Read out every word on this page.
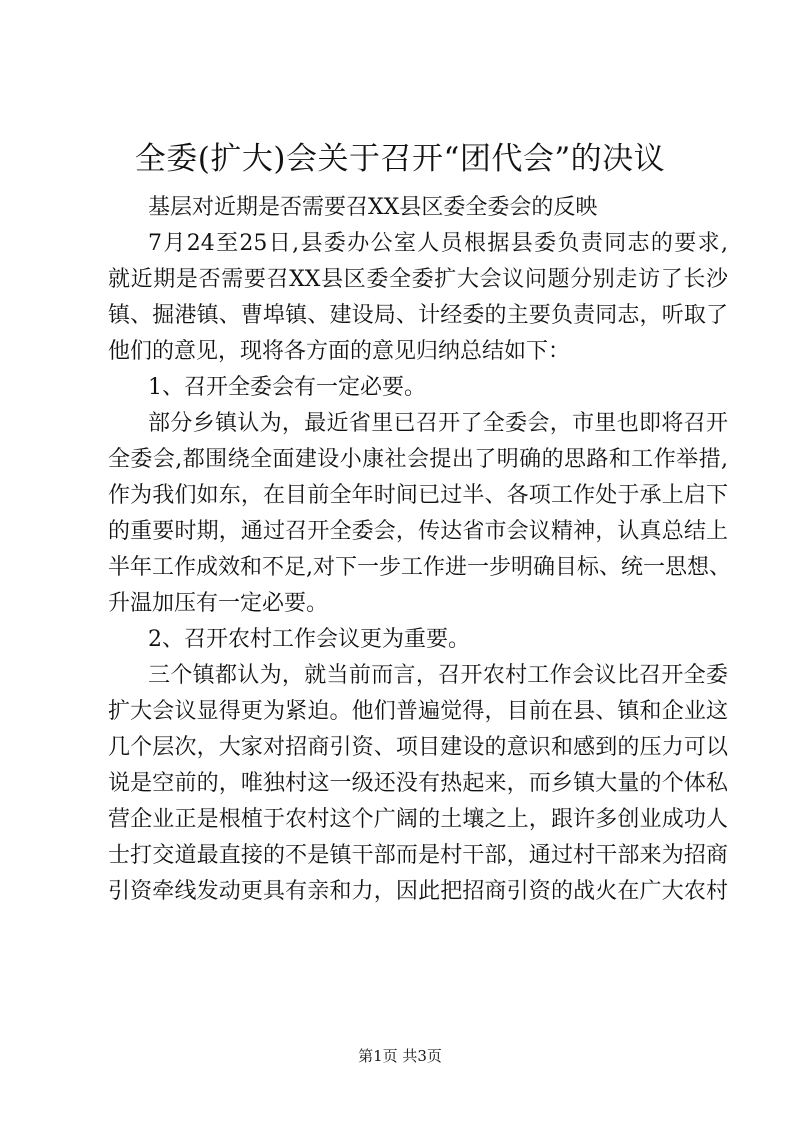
全委(扩大)会关于召开“团代会”的决议
基层对近期是否需要召XX县区委全委会的反映
7月24至25日,县委办公室人员根据县委负责同志的要求,
就近期是否需要召XX县区委全委扩大会议问题分别走访了长沙
镇、掘港镇、曹埠镇、建设局、计经委的主要负责同志，听取了
他们的意见，现将各方面的意见归纳总结如下：
1、召开全委会有一定必要。
部分乡镇认为，最近省里已召开了全委会，市里也即将召开
全委会,都围绕全面建设小康社会提出了明确的思路和工作举措,
作为我们如东，在目前全年时间已过半、各项工作处于承上启下
的重要时期，通过召开全委会，传达省市会议精神，认真总结上
半年工作成效和不足,对下一步工作进一步明确目标、统一思想、
升温加压有一定必要。
2、召开农村工作会议更为重要。
三个镇都认为，就当前而言，召开农村工作会议比召开全委
扩大会议显得更为紧迫。他们普遍觉得，目前在县、镇和企业这
几个层次，大家对招商引资、项目建设的意识和感到的压力可以
说是空前的，唯独村这一级还没有热起来，而乡镇大量的个体私
营企业正是根植于农村这个广阔的土壤之上，跟许多创业成功人
士打交道最直接的不是镇干部而是村干部，通过村干部来为招商
引资牵线发动更具有亲和力，因此把招商引资的战火在广大农村
第1页 共3页
